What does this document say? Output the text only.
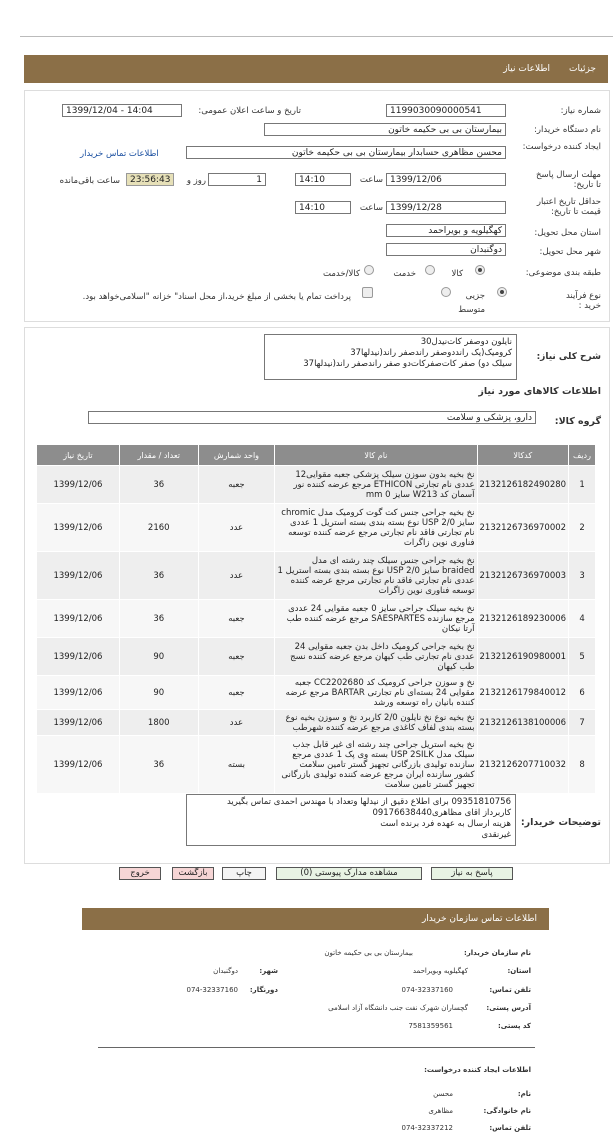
جزئیات
اطلاعات نیاز
شماره نیاز:
1199030090000541
تاریخ و ساعت اعلان عمومی:
1399/12/04 - 14:04
نام دستگاه خریدار:
بیمارستان بی بی حکیمه خاتون
ایجاد کننده درخواست:
محسن مظاهری حسابدار بیمارستان بی بی حکیمه خاتون
اطلاعات تماس خریدار
مهلت ارسال پاسخ تا تاریخ:
1399/12/06
ساعت
14:10
1
روز و
23:56:43
ساعت باقی‌مانده
حداقل تاریخ اعتبار قیمت تا تاریخ:
1399/12/28
ساعت
14:10
استان محل تحویل:
کهگیلویه و بویراحمد
شهر محل تحویل:
دوگنبدان
طبقه بندی موضوعی:
کالا
خدمت
کالا/خدمت
نوع فرآیند خرید :
جزیی
متوسط
پرداخت تمام یا بخشی از مبلغ خرید،از محل اسناد" خزانه "اسلامی‌خواهد بود.
شرح کلی نیاز:
نایلون دوصفر کات‌نیدل30
کرومیک(یک رانددوصفر راندصفر راند(نیدلها37
سیلک دو) صفر کات‌صفرکات‌دو صفر راندصفر راند(نیدلها37
اطلاعات کالاهای مورد نیاز
گروه کالا:
دارو، پزشکی و سلامت
ردیف	کدکالا	نام کالا	واحد شمارش	تعداد / مقدار	تاریخ نیاز
1	2132126182490280	نخ بخیه بدون سوزن سیلک پزشکی جعبه مقوایی12 عددی نام تجارتی ETHICON مرجع عرضه کننده نور آسمان کد W213 سایز 0 mm	جعبه	36	1399/12/06
2	2132126736970002	نخ بخیه جراحی جنس کت گوت کرومیک مدل chromic سایز USP 2/0 نوع بسته بندی بسته استریل 1 عددی نام تجارتی فاقد نام تجارتی مرجع عرضه کننده توسعه فناوری نوین زاگرات	عدد	2160	1399/12/06
3	2132126736970003	نخ بخیه جراحی جنس سیلک چند رشته ای مدل braided سایز USP 2/0 نوع بسته بندی بسته استریل 1 عددی نام تجارتی فاقد نام تجارتی مرجع عرضه کننده توسعه فناوری نوین زاگرات	عدد	36	1399/12/06
4	2132126189230006	نخ بخیه سیلک جراحی سایز 0 جعبه مقوایی 24 عددی مرجع سازنده SAESPARTES مرجع عرضه کننده طب آرتا نیکان	جعبه	36	1399/12/06
5	2132126190980001	نخ بخیه جراحی کرومیک داخل بدن جعبه مقوایی 24 عددی نام تجارتی طب کیهان مرجع عرضه کننده نسج طب کیهان	جعبه	90	1399/12/06
6	2132126179840012	نخ و سوزن جراحی کرومیک کد CC2202680 جعبه مقوایی 24 بسته‌ای نام تجارتی BARTAR مرجع عرضه کننده بانیان راه توسعه ورشد	جعبه	90	1399/12/06
7	2132126138100006	نخ بخیه نوع نخ نایلون 2/0 کاربرد نخ و سوزن بخیه نوع بسته بندی لفاف کاغذی مرجع عرضه کننده شهرطب	عدد	1800	1399/12/06
8	2132126207710032	نخ بخیه استریل جراحی چند رشته ای غیر قابل جذب سیلک مدل USP 2SILK بسته وی پک 1 عددی مرجع سازنده تولیدی بازرگانی تجهیز گستر تامین سلامت کشور سازنده ایران مرجع عرضه کننده تولیدی بازرگانی تجهیز گستر تامین سلامت	بسته	36	1399/12/06
توضیحات خریدار:
09351810756 برای اطلاع دقیق از نیدلها وتعداد با مهندس احمدی تماس بگیرید
کاربرداز اقای مظاهری09176638440
هزینه ارسال به عهده فرد برنده است
غیرنقدی
پاسخ به نیاز
مشاهده مدارک پیوستی (0)
چاپ
بازگشت
خروج
اطلاعات تماس سازمان خریدار
نام سازمان خریدار:
بیمارستان بی بی حکیمه خاتون
استان:
کهگیلویه وبویراحمد
شهر:
دوگنبدان
تلفن تماس:
074-32337160
دورنگار:
074-32337160
آدرس پستی:
گچساران شهرک نفت جنب دانشگاه آزاد اسلامی
کد پستی:
7581359561
اطلاعات ایجاد کننده درخواست:
نام:
محسن
نام خانوادگی:
مظاهری
تلفن تماس:
074-32337212
